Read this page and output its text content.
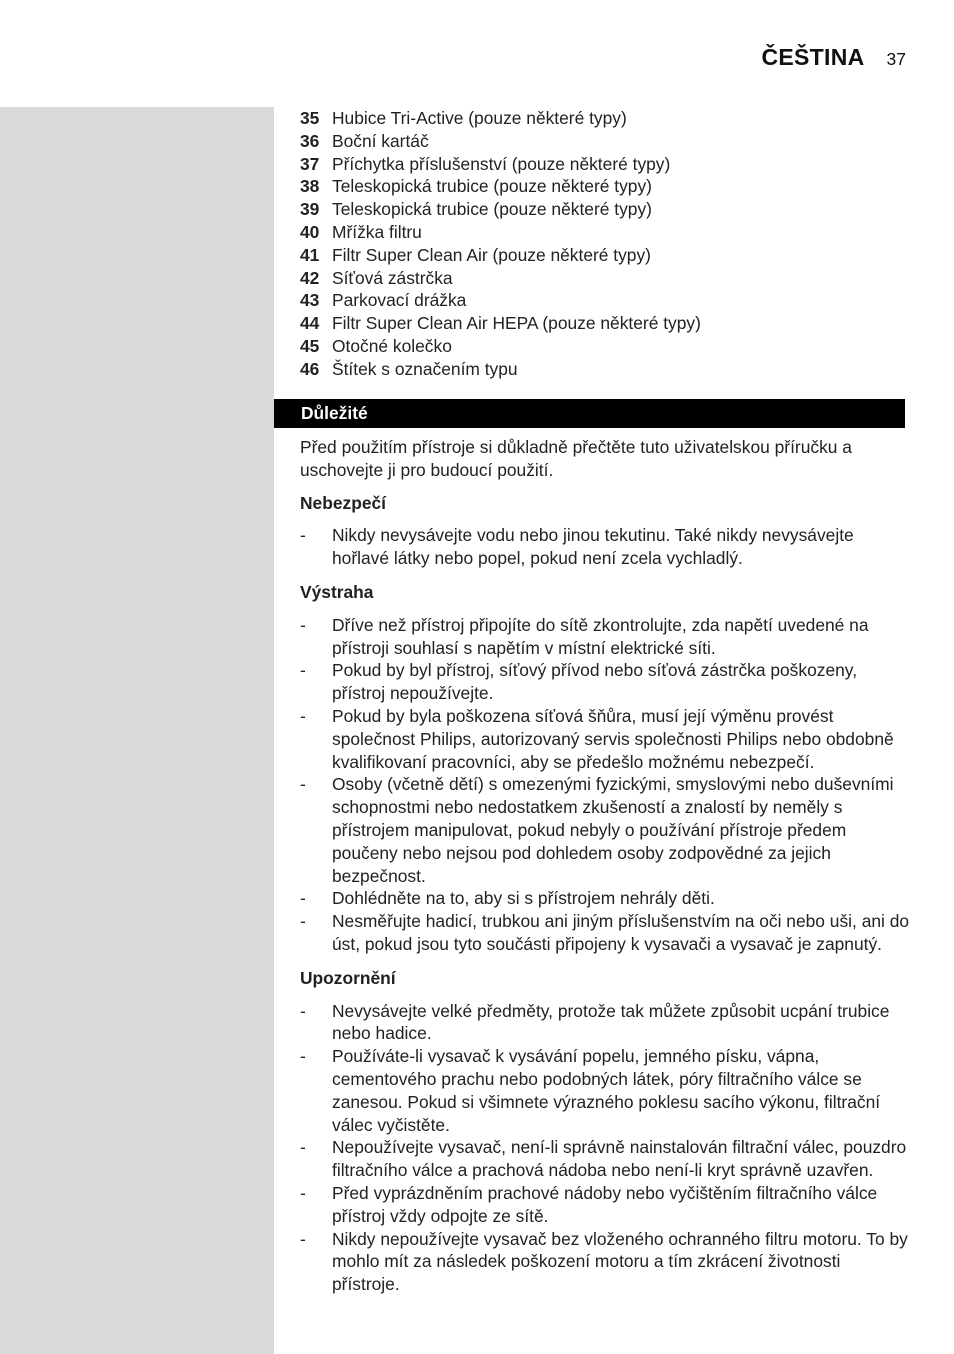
ČEŠTINA 37
35 Hubice Tri-Active (pouze některé typy)
36 Boční kartáč
37 Příchytka příslušenství (pouze některé typy)
38 Teleskopická trubice (pouze některé typy)
39 Teleskopická trubice (pouze některé typy)
40 Mřížka filtru
41 Filtr Super Clean Air (pouze některé typy)
42 Síťová zástrčka
43 Parkovací drážka
44 Filtr Super Clean Air HEPA (pouze některé typy)
45 Otočné kolečko
46 Štítek s označením typu
Důležité

Před použitím přístroje si důkladně přečtěte tuto uživatelskou příručku a uschovejte ji pro budoucí použití.

Nebezpečí

-	Nikdy nevysávejte vodu nebo jinou tekutinu. Také nikdy nevysávejte hořlavé látky nebo popel, pokud není zcela vychladlý.

Výstraha

-	Dříve než přístroj připojíte do sítě zkontrolujte, zda napětí uvedené na přístroji souhlasí s napětím v místní elektrické síti.
-	Pokud by byl přístroj, síťový přívod nebo síťová zástrčka poškozeny, přístroj nepoužívejte.
-	Pokud by byla poškozena síťová šňůra, musí její výměnu provést společnost Philips, autorizovaný servis společnosti Philips nebo obdobně kvalifikovaní pracovníci, aby se předešlo možnému nebezpečí.
-	Osoby (včetně dětí) s omezenými fyzickými, smyslovými nebo duševními schopnostmi nebo nedostatkem zkušeností a znalostí by neměly s přístrojem manipulovat, pokud nebyly o používání přístroje předem poučeny nebo nejsou pod dohledem osoby zodpovědné za jejich bezpečnost.
-	Dohlédněte na to, aby si s přístrojem nehrály děti.
-	Nesměřujte hadicí, trubkou ani jiným příslušenstvím na oči nebo uši, ani do úst, pokud jsou tyto součásti připojeny k vysavači a vysavač je zapnutý.

Upozornění

-	Nevysávejte velké předměty, protože tak můžete způsobit ucpání trubice nebo hadice.
-	Používáte-li vysavač k vysávání popelu, jemného písku, vápna, cementového prachu nebo podobných látek, póry filtračního válce se zanesou. Pokud si všimnete výrazného poklesu sacího výkonu, filtrační válec vyčistěte.
-	Nepoužívejte vysavač, není-li správně nainstalován filtrační válec, pouzdro filtračního válce a prachová nádoba nebo není-li kryt správně uzavřen.
-	Před vyprázdněním prachové nádoby nebo vyčištěním filtračního válce přístroj vždy odpojte ze sítě.
-	Nikdy nepoužívejte vysavač bez vloženého ochranného filtru motoru. To by mohlo mít za následek poškození motoru a tím zkrácení životnosti přístroje.
